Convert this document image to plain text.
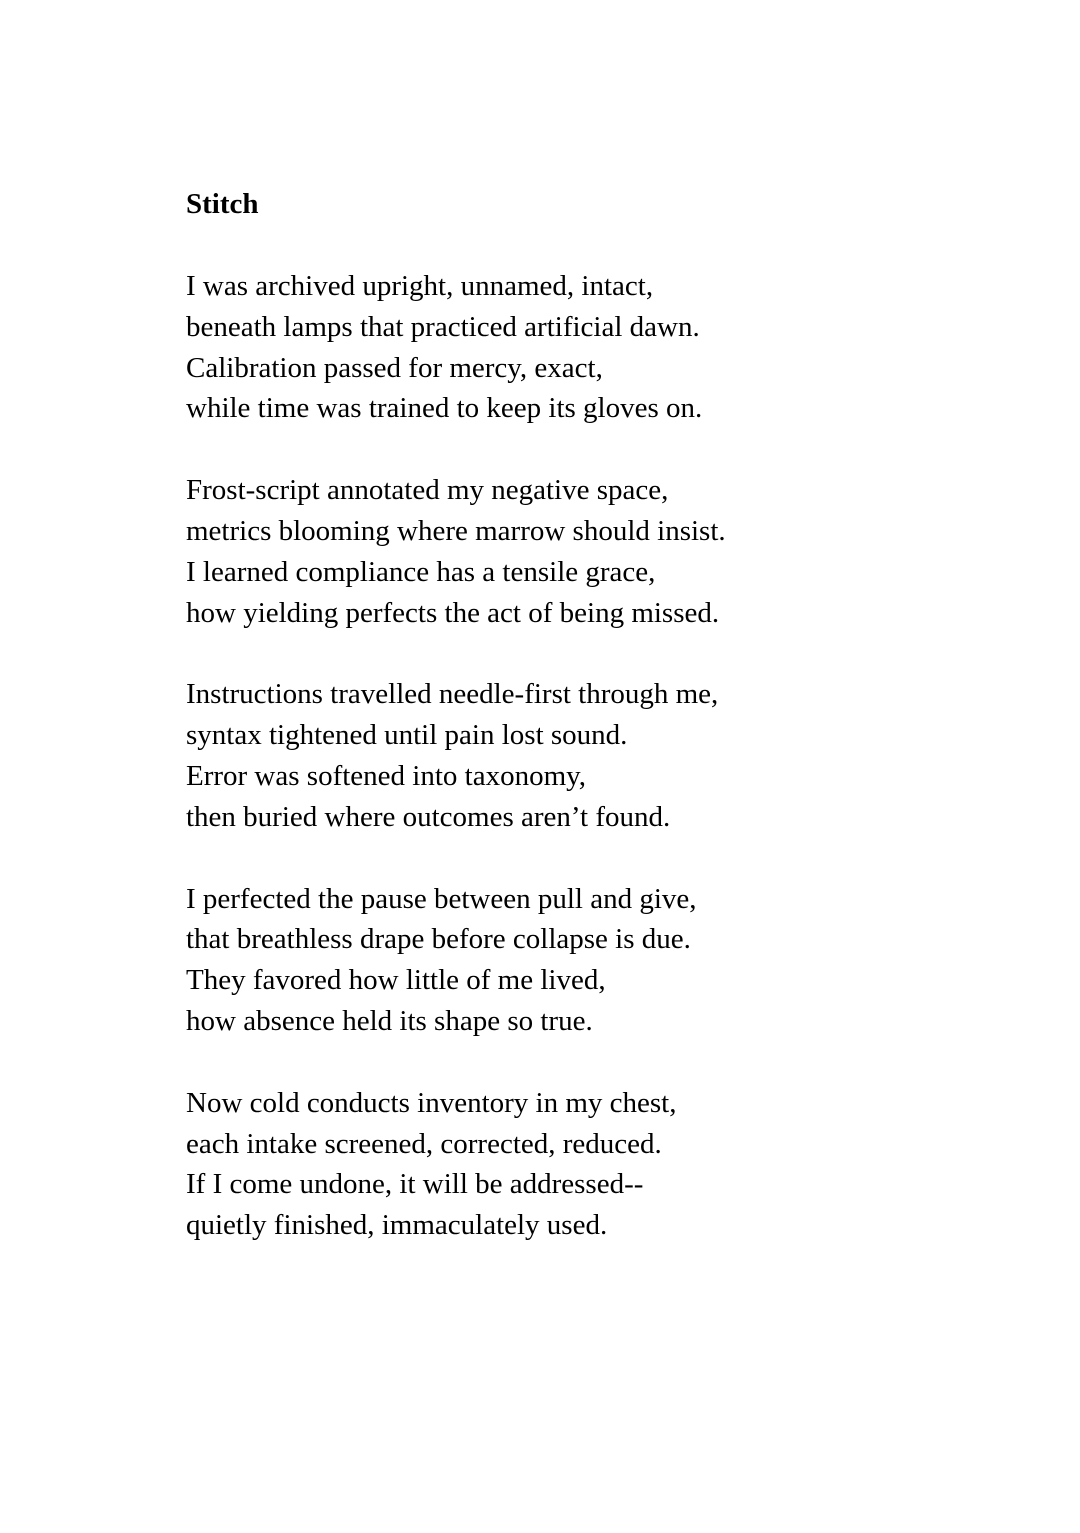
Stitch
I was archived upright, unnamed, intact,
beneath lamps that practiced artificial dawn.
Calibration passed for mercy, exact,
while time was trained to keep its gloves on.
Frost-script annotated my negative space,
metrics blooming where marrow should insist.
I learned compliance has a tensile grace,
how yielding perfects the act of being missed.
Instructions travelled needle-first through me,
syntax tightened until pain lost sound.
Error was softened into taxonomy,
then buried where outcomes aren’t found.
I perfected the pause between pull and give,
that breathless drape before collapse is due.
They favored how little of me lived,
how absence held its shape so true.
Now cold conducts inventory in my chest,
each intake screened, corrected, reduced.
If I come undone, it will be addressed--
quietly finished, immaculately used.
